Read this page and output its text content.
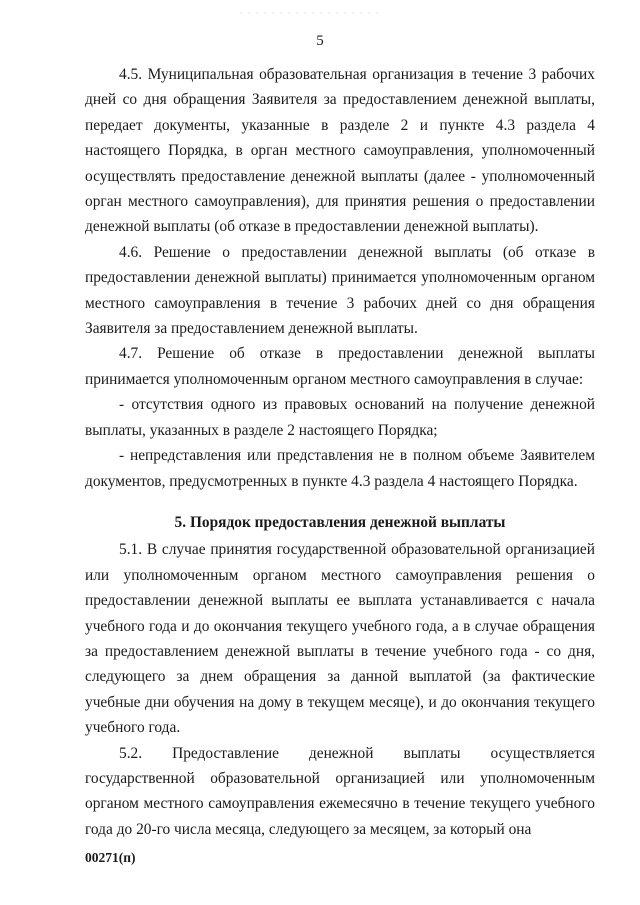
5

4.5. Муниципальная образовательная организация в течение 3 рабочих дней со дня обращения Заявителя за предоставлением денежной выплаты, передает документы, указанные в разделе 2 и пункте 4.3 раздела 4 настоящего Порядка, в орган местного самоуправления, уполномоченный осуществлять предоставление денежной выплаты (далее - уполномоченный орган местного самоуправления), для принятия решения о предоставлении денежной выплаты (об отказе в предоставлении денежной выплаты).

4.6. Решение о предоставлении денежной выплаты (об отказе в предоставлении денежной выплаты) принимается уполномоченным органом местного самоуправления в течение 3 рабочих дней со дня обращения Заявителя за предоставлением денежной выплаты.

4.7. Решение об отказе в предоставлении денежной выплаты принимается уполномоченным органом местного самоуправления в случае:

- отсутствия одного из правовых оснований на получение денежной выплаты, указанных в разделе 2 настоящего Порядка;

- непредставления или представления не в полном объеме Заявителем документов, предусмотренных в пункте 4.3 раздела 4 настоящего Порядка.

5. Порядок предоставления денежной выплаты

5.1. В случае принятия государственной образовательной организацией или уполномоченным органом местного самоуправления решения о предоставлении денежной выплаты ее выплата устанавливается с начала учебного года и до окончания текущего учебного года, а в случае обращения за предоставлением денежной выплаты в течение учебного года - со дня, следующего за днем обращения за данной выплатой (за фактические учебные дни обучения на дому в текущем месяце), и до окончания текущего учебного года.

5.2. Предоставление денежной выплаты осуществляется государственной образовательной организацией или уполномоченным органом местного самоуправления ежемесячно в течение текущего учебного года до 20-го числа месяца, следующего за месяцем, за который она

00271(п)
